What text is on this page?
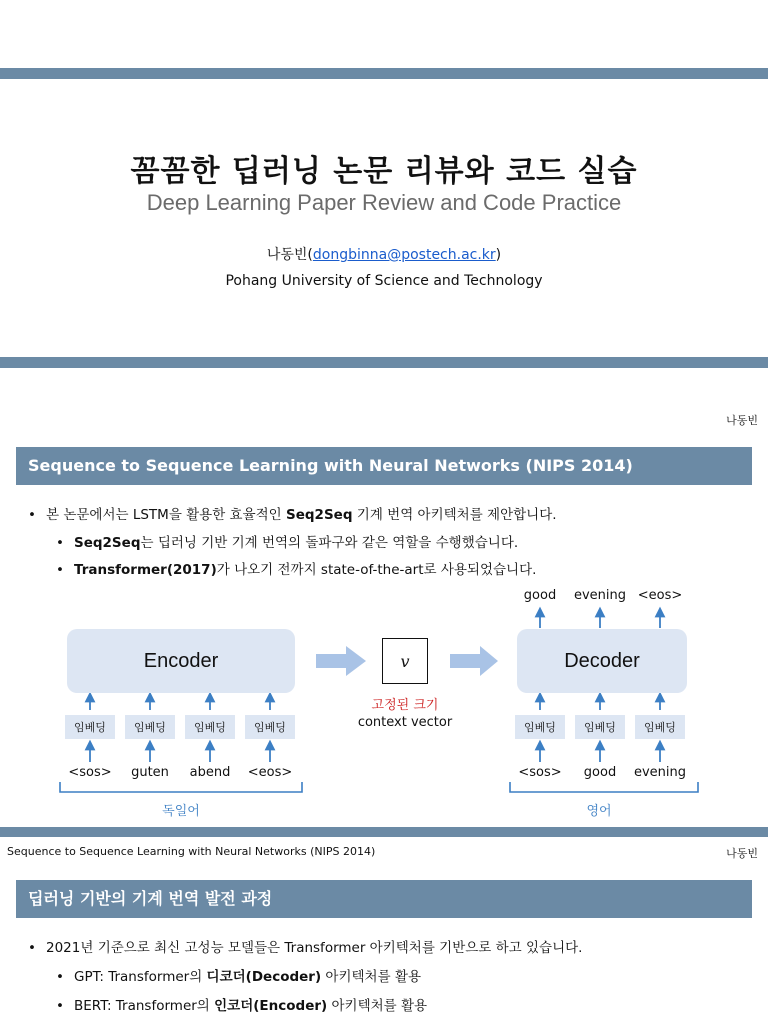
꼼꼼한 딥러닝 논문 리뷰와 코드 실습
Deep Learning Paper Review and Code Practice
나동빈(dongbinna@postech.ac.kr)
Pohang University of Science and Technology
나동빈
Sequence to Sequence Learning with Neural Networks (NIPS 2014)
• 본 논문에서는 LSTM을 활용한 효율적인 Seq2Seq 기계 번역 아키텍처를 제안합니다.
• Seq2Seq는 딥러닝 기반 기계 번역의 돌파구와 같은 역할을 수행했습니다.
• Transformer(2017)가 나오기 전까지 state-of-the-art로 사용되었습니다.
Encoder	Decoder
v
고정된 크기
context vector
임베딩	임베딩	임베딩	임베딩	임베딩	임베딩	임베딩
<sos>	guten	abend	<eos>	<sos>	good	evening
good	evening <eos>
독일어	영어
Sequence to Sequence Learning with Neural Networks (NIPS 2014)	나동빈
딥러닝 기반의 기계 번역 발전 과정
• 2021년 기준으로 최신 고성능 모델들은 Transformer 아키텍처를 기반으로 하고 있습니다.
• GPT: Transformer의 디코더(Decoder) 아키텍처를 활용
• BERT: Transformer의 인코더(Encoder) 아키텍처를 활용
